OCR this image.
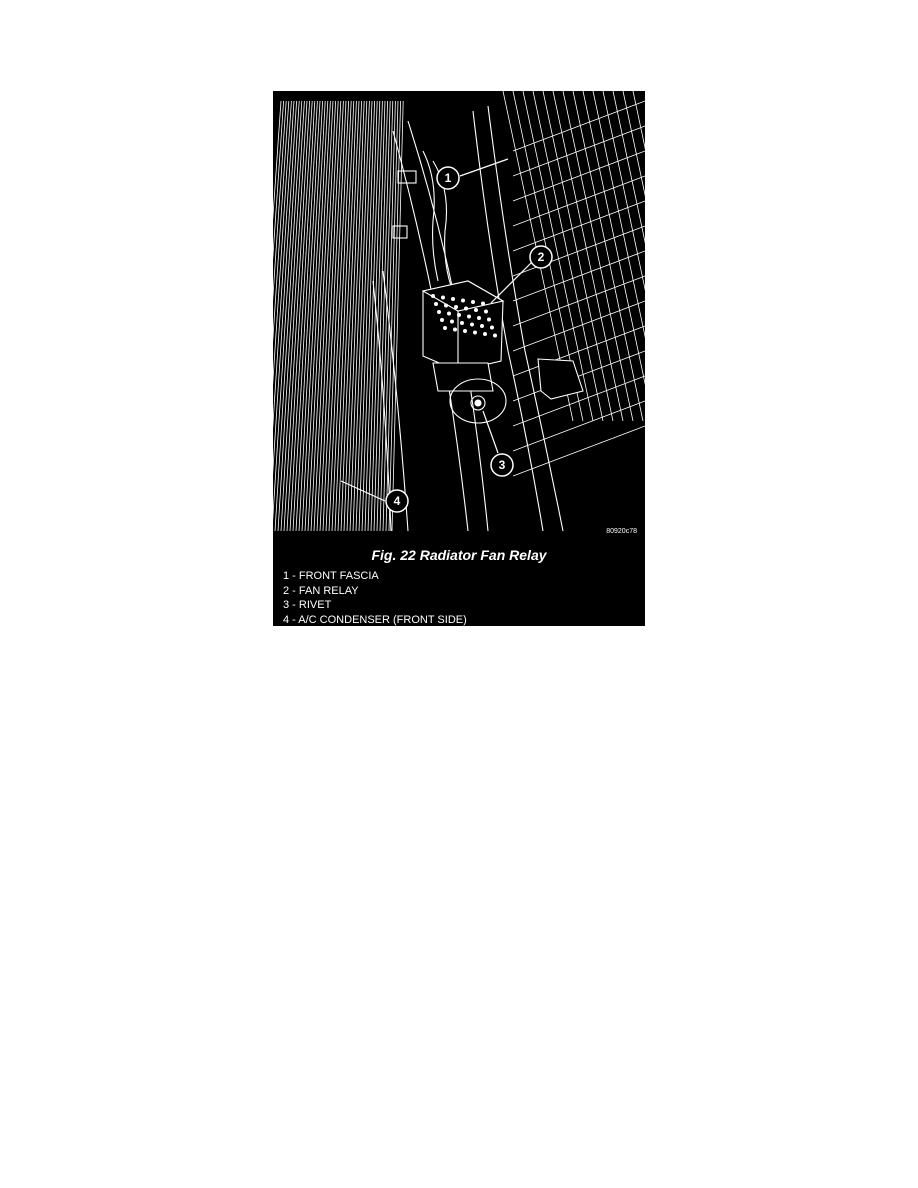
1
2
3
4
80920c78
Fig. 22 Radiator Fan Relay
1 - FRONT FASCIA
2 - FAN RELAY
3 - RIVET
4 - A/C CONDENSER (FRONT SIDE)
